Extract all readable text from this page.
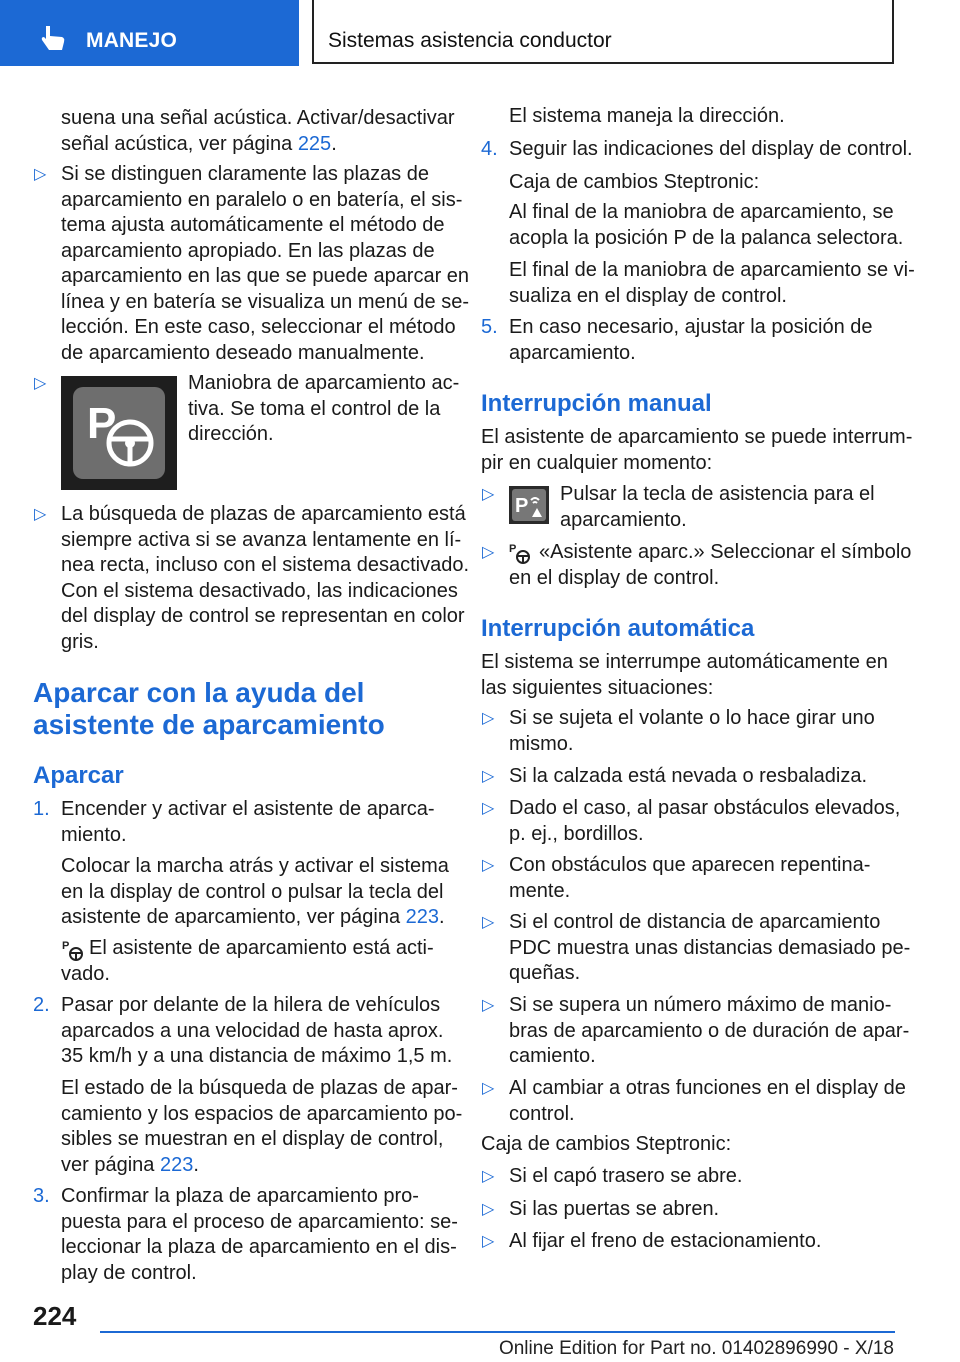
MANEJO	Sistemas asistencia conductor
suena una señal acústica. Activar/desactivar
señal acústica, ver página 225.
▷ Si se distinguen claramente las plazas de
aparcamiento en paralelo o en batería, el sis-
tema ajusta automáticamente el método de
aparcamiento apropiado. En las plazas de
aparcamiento en las que se puede aparcar en
línea y en batería se visualiza un menú de se-
lección. En este caso, seleccionar el método
de aparcamiento deseado manualmente.
▷
P
Maniobra de aparcamiento ac-
tiva. Se toma el control de la
dirección.
▷ La búsqueda de plazas de aparcamiento está
siempre activa si se avanza lentamente en lí-
nea recta, incluso con el sistema desactivado.
Con el sistema desactivado, las indicaciones
del display de control se representan en color
gris.
Aparcar con la ayuda del
asistente de aparcamiento
Aparcar
1. Encender y activar el asistente de aparca-
miento.
Colocar la marcha atrás y activar el sistema
en la display de control o pulsar la tecla del
asistente de aparcamiento, ver página 223.
P El asistente de aparcamiento está acti-
vado.
2. Pasar por delante de la hilera de vehículos
aparcados a una velocidad de hasta aprox.
35 km/h y a una distancia de máximo 1,5 m.
El estado de la búsqueda de plazas de apar-
camiento y los espacios de aparcamiento po-
sibles se muestran en el display de control,
ver página 223.
3. Confirmar la plaza de aparcamiento pro-
puesta para el proceso de aparcamiento: se-
leccionar la plaza de aparcamiento en el dis-
play de control.
El sistema maneja la dirección.
4. Seguir las indicaciones del display de control.
Caja de cambios Steptronic:
Al final de la maniobra de aparcamiento, se
acopla la posición P de la palanca selectora.
El final de la maniobra de aparcamiento se vi-
sualiza en el display de control.
5. En caso necesario, ajustar la posición de
aparcamiento.
Interrupción manual
El asistente de aparcamiento se puede interrum-
pir en cualquier momento:
▷
P
Pulsar la tecla de asistencia para el
aparcamiento.
▷ P	«Asistente aparc.» Seleccionar el símbolo
en el display de control.
Interrupción automática
El sistema se interrumpe automáticamente en
las siguientes situaciones:
▷ Si se sujeta el volante o lo hace girar uno
mismo.
▷ Si la calzada está nevada o resbaladiza.
▷ Dado el caso, al pasar obstáculos elevados,
p. ej., bordillos.
▷ Con obstáculos que aparecen repentina-
mente.
▷ Si el control de distancia de aparcamiento
PDC muestra unas distancias demasiado pe-
queñas.
▷ Si se supera un número máximo de manio-
bras de aparcamiento o de duración de apar-
camiento.
▷ Al cambiar a otras funciones en el display de
control.
Caja de cambios Steptronic:
▷ Si el capó trasero se abre.
▷ Si las puertas se abren.
▷ Al fijar el freno de estacionamiento.
224
Online Edition for Part no. 01402896990 - X/18
